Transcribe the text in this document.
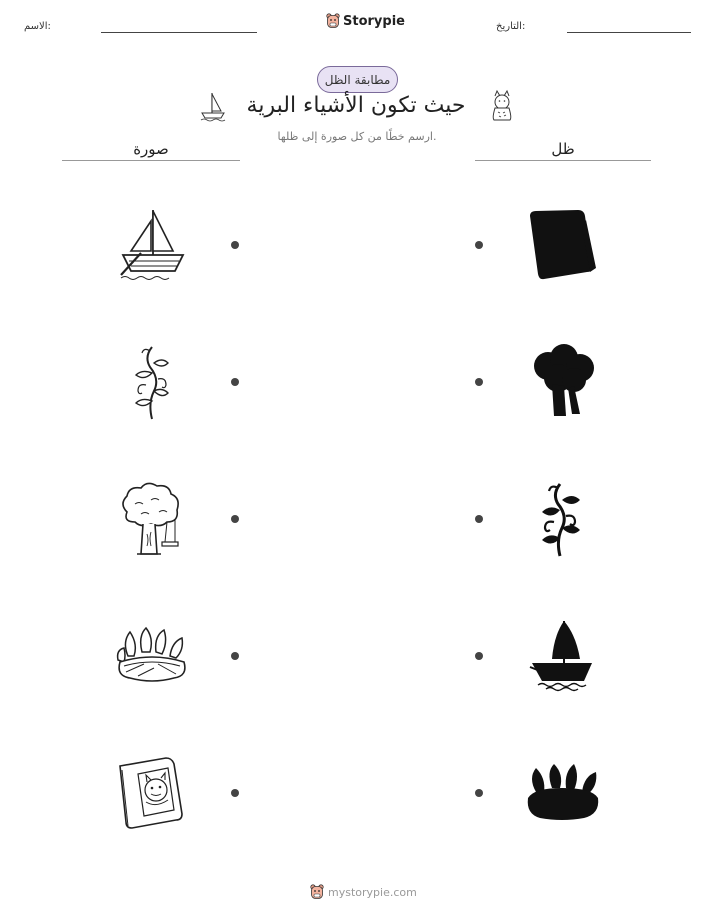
الاسم:	Storypie	التاريخ:
مطابقة الظل
حيث تكون الأشياء البرية
ارسم خطًا من كل صورة إلى ظلها.
صورة	ظل
mystorypie.com
